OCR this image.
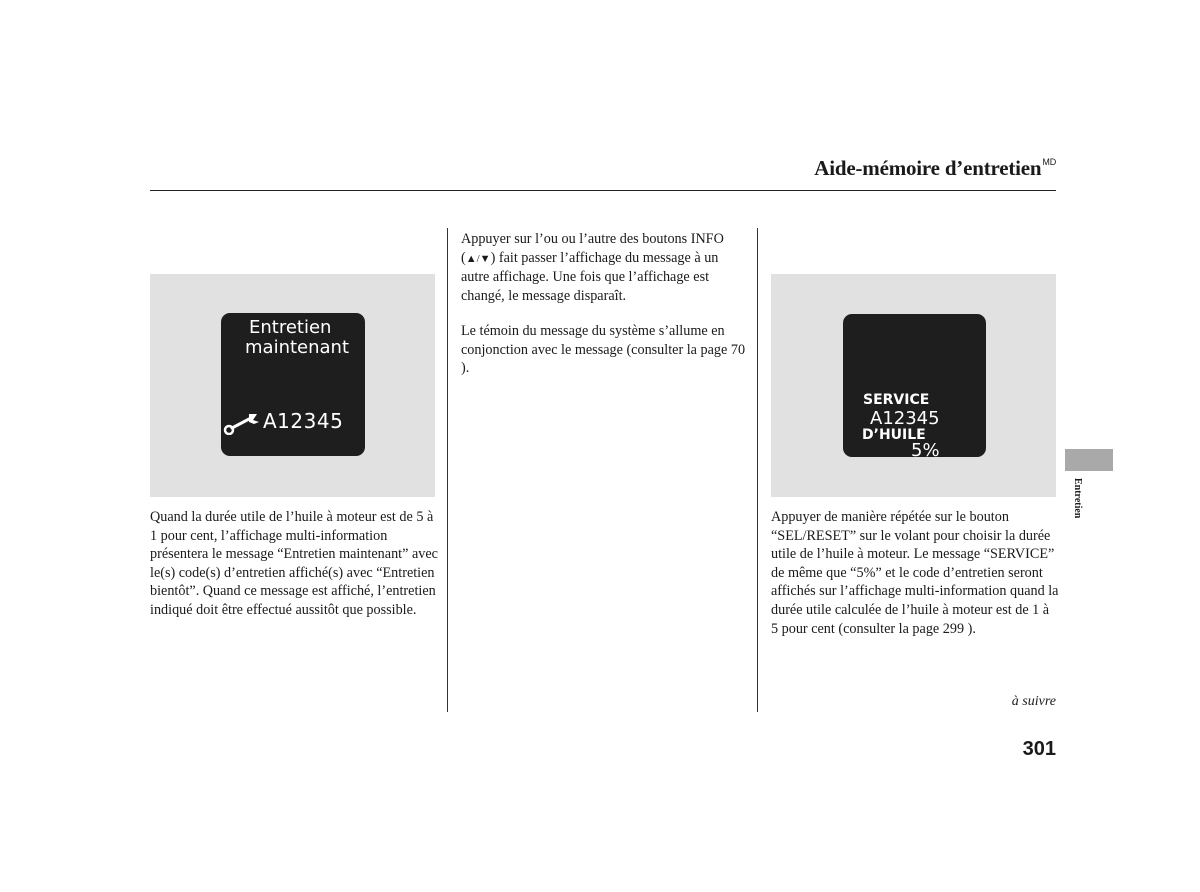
Aide-mémoire d’entretien$^{MD}$
Entretien
maintenant
A12345
SERVICE
A12345
D’HUILE
5%

Quand la durée utile de l’huile à moteur est de 5 à 1 pour cent, l’affichage multi-information présentera le message “Entretien maintenant” avec le(s) code(s) d’entretien affiché(s) avec “Entretien bientôt”. Quand ce message est affiché, l’entretien indiqué doit être effectué aussitôt que possible.

Appuyer sur l’ou ou l’autre des boutons INFO (▲/▼) fait passer l’affichage du message à un autre affichage. Une fois que l’affichage est changé, le message disparaît.

Le témoin du message du système s’allume en conjonction avec le message (consulter la page 70 ).

Appuyer de manière répétée sur le bouton “SEL/RESET” sur le volant pour choisir la durée utile de l’huile à moteur. Le message “SERVICE” de même que “5%” et le code d’entretien seront affichés sur l’affichage multi-information quand la durée utile calculée de l’huile à moteur est de 1 à 5 pour cent (consulter la page 299 ).

à suivre
301
Entretien
